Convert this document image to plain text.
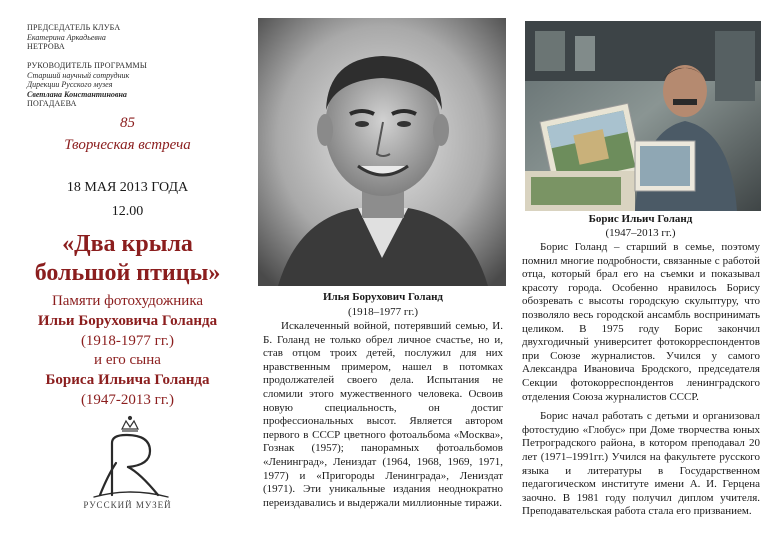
ПРЕДСЕДАТЕЛЬ КЛУБА
Екатерина Аркадьевна
НЕТРОВА
РУКОВОДИТЕЛЬ ПРОГРАММЫ
Старший научный сотрудник
Дирекции Русского музея
Светлана Константиновна
ПОГАДАЕВА
85
Творческая встреча
18 МАЯ 2013 ГОДА
12.00
«Два крыла
большой птицы»
Памяти фотохудожника
Ильи Боруховича Голанда
(1918-1977 гг.)
и его сына
Бориса Ильича Голанда
(1947-2013 гг.)
РУССКИЙ МУЗЕЙ
Илья Борухович Голанд
(1918–1977 гг.)

Искалеченный войной, потерявший семью, И. Б. Голанд не только обрел личное счастье, но и, став отцом троих детей, послужил для них нравственным примером, нашел в потомках продолжателей своего дела. Испытания не сломили этого мужественного человека. Освоив новую специальность, он достиг профессиональных высот. Является автором первого в СССР цветного фотоальбома «Москва», Гознак (1957); панорамных фотоальбомов «Ленинград», Лениздат (1964, 1968, 1969, 1971, 1977) и «Пригороды Ленинграда», Лениздат (1971). Эти уникальные издания неоднократно переиздавались и выдержали миллионные тиражи.

Борис Ильич Голанд
(1947–2013 гг.)

Борис Голанд – старший в семье, поэтому помнил многие подробности, связанные с работой отца, который брал его на съемки и показывал красоту города. Особенно нравилось Борису обозревать с высоты городскую скульптуру, что позволяло весь городской ансамбль воспринимать целиком. В 1975 году Борис закончил двухгодичный университет фотокорреспондентов при Союзе журналистов. Учился у самого Александра Ивановича Бродского, председателя Секции фотокорреспондентов ленинградского отделения Союза журналистов СССР.

Борис начал работать с детьми и организовал фотостудию «Глобус» при Доме творчества юных Петроградского района, в котором преподавал 20 лет (1971–1991гг.) Учился на факультете русского языка и литературы в Государственном педагогическом институте имени А. И. Герцена заочно. В 1981 году получил диплом учителя. Преподавательская работа стала его призванием.
